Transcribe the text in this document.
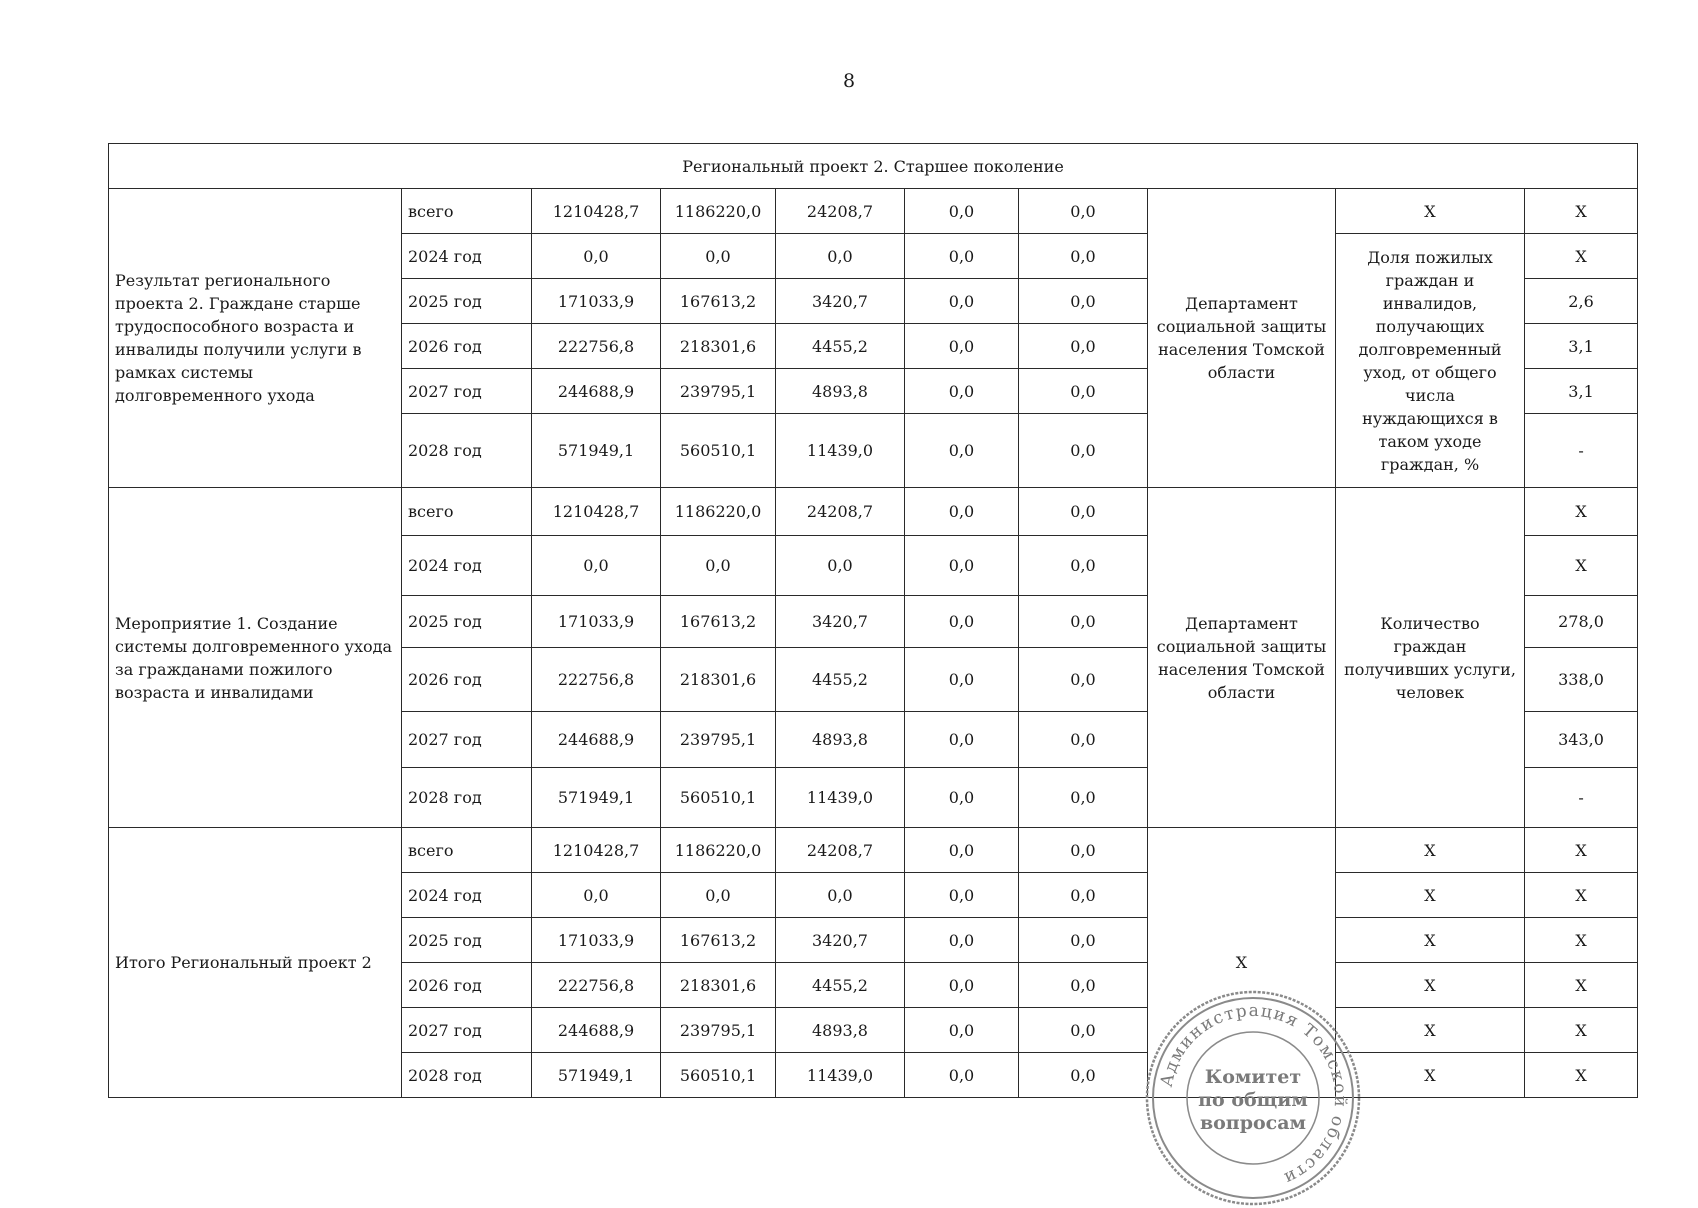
8
Региональный проект 2. Старшее поколение									
Результат регионального проекта 2. Граждане старше трудоспособного возраста и инвалиды получили услуги в рамках системы долговременного ухода	всего	1210428,7	1186220,0	24208,7	0,0	0,0	Департамент социальной защиты населения Томской области	X	X
	2024 год	0,0	0,0	0,0	0,0	0,0		Доля пожилых граждан и инвалидов, получающих долговременный уход, от общего числа нуждающихся в таком уходе граждан, %	X
	2025 год	171033,9	167613,2	3420,7	0,0	0,0			2,6
	2026 год	222756,8	218301,6	4455,2	0,0	0,0			3,1
	2027 год	244688,9	239795,1	4893,8	0,0	0,0			3,1
	2028 год	571949,1	560510,1	11439,0	0,0	0,0			-
Мероприятие 1. Создание системы долговременного ухода за гражданами пожилого возраста и инвалидами	всего	1210428,7	1186220,0	24208,7	0,0	0,0	Департамент социальной защиты населения Томской области	Количество граждан получивших услуги, человек	X
	2024 год	0,0	0,0	0,0	0,0	0,0			X
	2025 год	171033,9	167613,2	3420,7	0,0	0,0			278,0
	2026 год	222756,8	218301,6	4455,2	0,0	0,0			338,0
	2027 год	244688,9	239795,1	4893,8	0,0	0,0			343,0
	2028 год	571949,1	560510,1	11439,0	0,0	0,0			-
Итого Региональный проект 2	всего	1210428,7	1186220,0	24208,7	0,0	0,0	X	X	X
	2024 год	0,0	0,0	0,0	0,0	0,0		X	X
	2025 год	171033,9	167613,2	3420,7	0,0	0,0		X	X
	2026 год	222756,8	218301,6	4455,2	0,0	0,0		X	X
	2027 год	244688,9	239795,1	4893,8	0,0	0,0		X	X
	2028 год	571949,1	560510,1	11439,0	0,0	0,0		X	X
Администрация Томской области
Комитет
по общим
вопросам
